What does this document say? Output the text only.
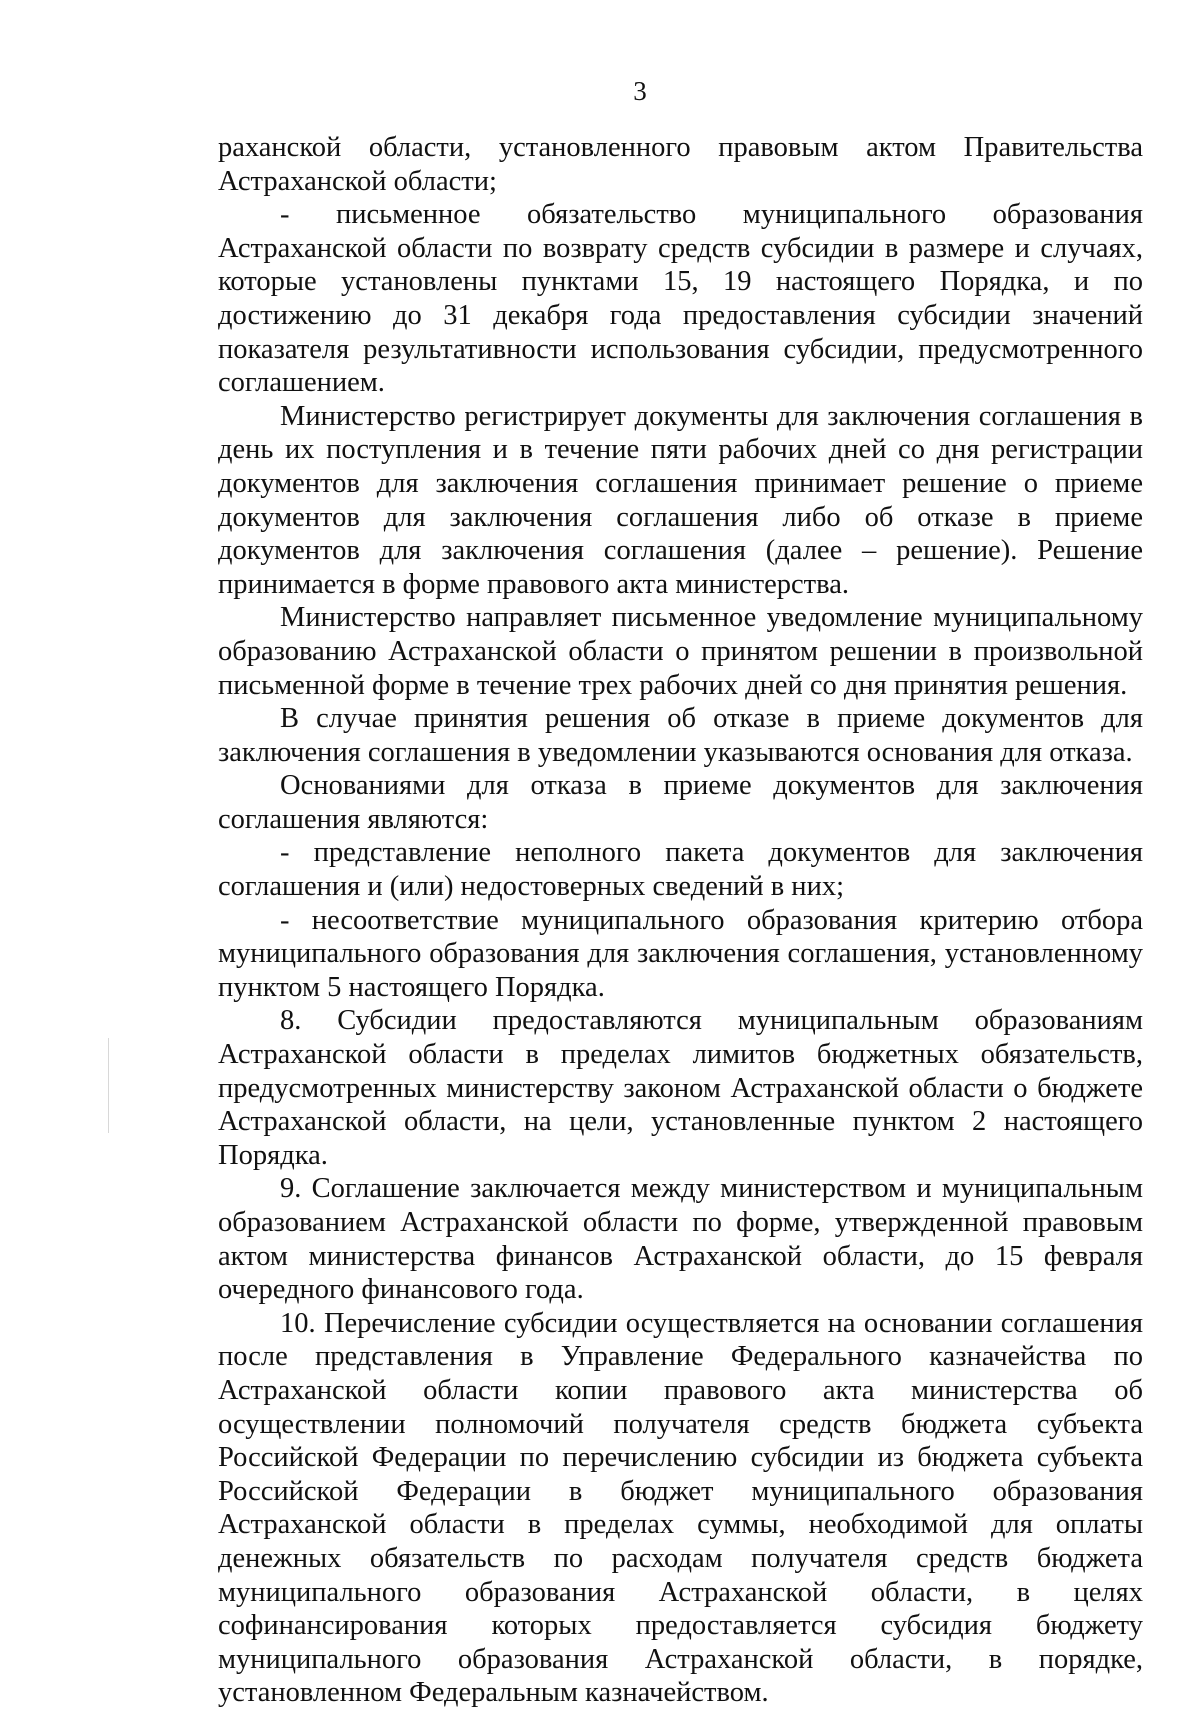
3

раханской области, установленного правовым актом Правительства Астраханской области;

- письменное обязательство муниципального образования Астраханской области по возврату средств субсидии в размере и случаях, которые установлены пунктами 15, 19 настоящего Порядка, и по достижению до 31 декабря года предоставления субсидии значений показателя результативности использования субсидии, предусмотренного соглашением.

Министерство регистрирует документы для заключения соглашения в день их поступления и в течение пяти рабочих дней со дня регистрации документов для заключения соглашения принимает решение о приеме документов для заключения соглашения либо об отказе в приеме документов для заключения соглашения (далее – решение). Решение принимается в форме правового акта министерства.

Министерство направляет письменное уведомление муниципальному образованию Астраханской области о принятом решении в произвольной письменной форме в течение трех рабочих дней со дня принятия решения.

В случае принятия решения об отказе в приеме документов для заключения соглашения в уведомлении указываются основания для отказа.

Основаниями для отказа в приеме документов для заключения соглашения являются:

- представление неполного пакета документов для заключения соглашения и (или) недостоверных сведений в них;

- несоответствие муниципального образования критерию отбора муниципального образования для заключения соглашения, установленному пунктом 5 настоящего Порядка.

8. Субсидии предоставляются муниципальным образованиям Астраханской области в пределах лимитов бюджетных обязательств, предусмотренных министерству законом Астраханской области о бюджете Астраханской области, на цели, установленные пунктом 2 настоящего Порядка.

9. Соглашение заключается между министерством и муниципальным образованием Астраханской области по форме, утвержденной правовым актом министерства финансов Астраханской области, до 15 февраля очередного финансового года.

10. Перечисление субсидии осуществляется на основании соглашения после представления в Управление Федерального казначейства по Астраханской области копии правового акта министерства об осуществлении полномочий получателя средств бюджета субъекта Российской Федерации по перечислению субсидии из бюджета субъекта Российской Федерации в бюджет муниципального образования Астраханской области в пределах суммы, необходимой для оплаты денежных обязательств по расходам получателя средств бюджета муниципального образования Астраханской области, в целях софинансирования которых предоставляется субсидия бюджету муниципального образования Астраханской области, в порядке, установленном Федеральным казначейством.
